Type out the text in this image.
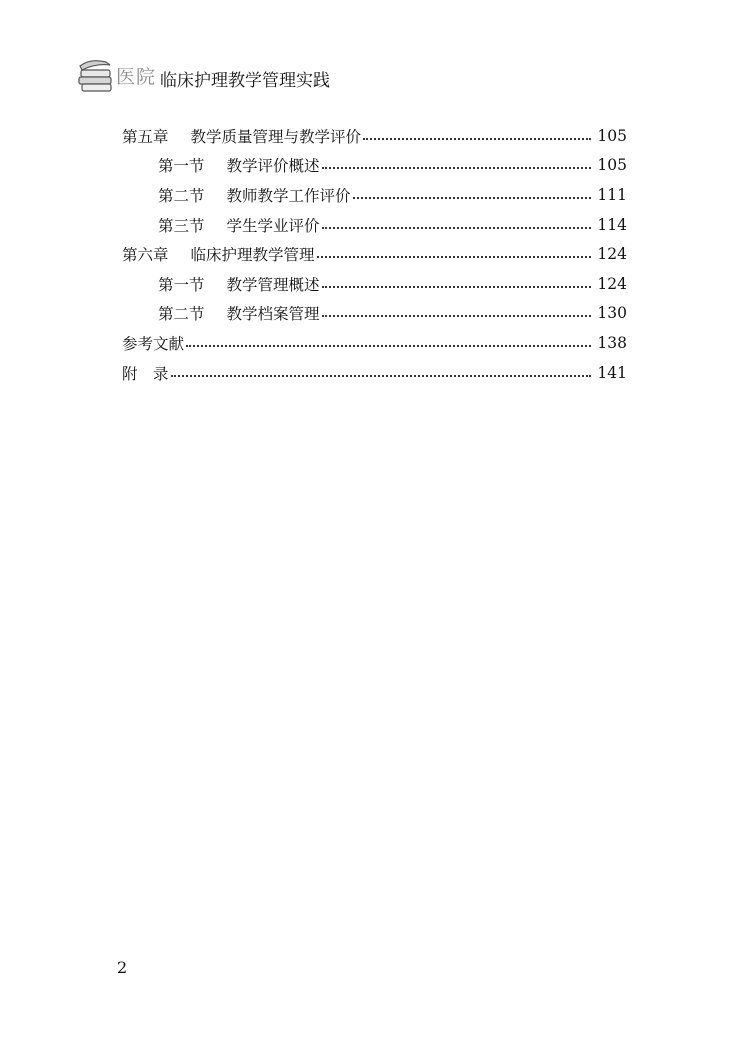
医院 临床护理教学管理实践
第五章 教学质量管理与教学评价	105
第一节 教学评价概述	105
第二节 教师教学工作评价	111
第三节 学生学业评价	114
第六章 临床护理教学管理	124
第一节 教学管理概述	124
第二节 教学档案管理	130
参考文献	138
附　录	141
2
